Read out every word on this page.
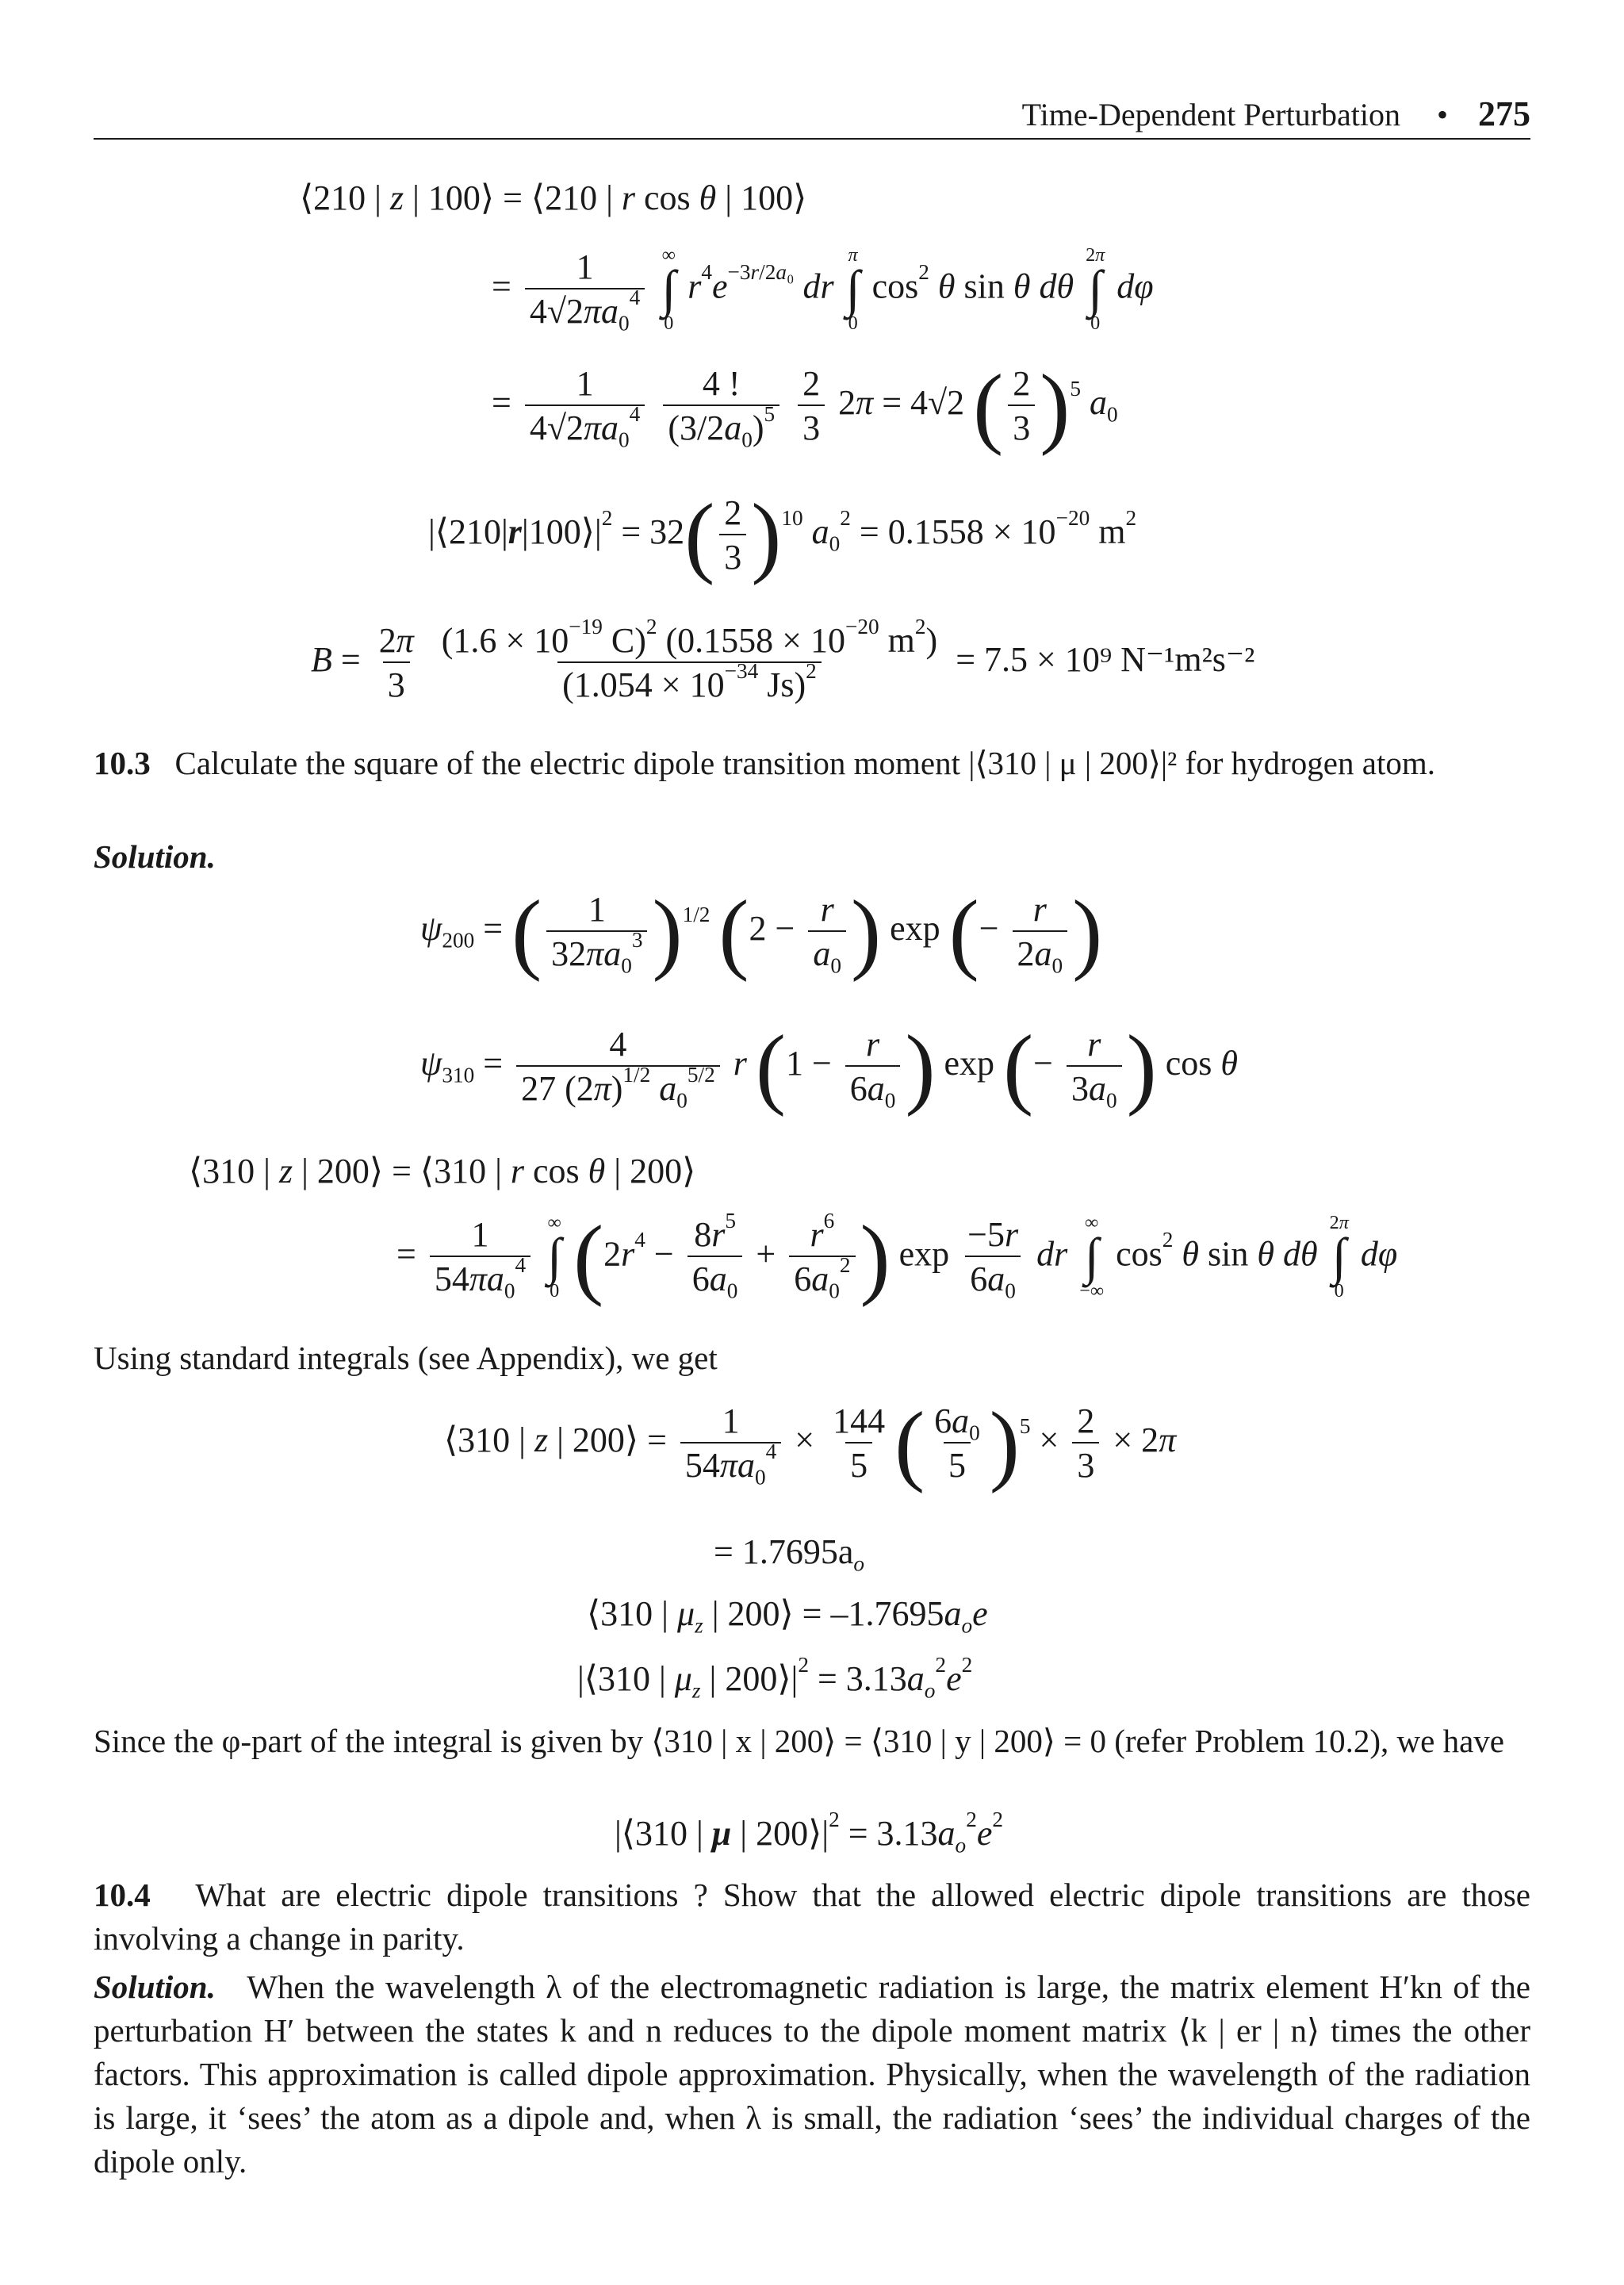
Time-Dependent Perturbation • 275
⟨210 | z | 100⟩ = ⟨210 | r cos θ | 100⟩
= $\frac{1}{4√2\pi a_0^4}$
∞
∫
0
$r^4e^{-3r/2a_0}$ dr
π
∫
0
$\cos^2 \theta$ sin θ dθ
2π
∫
0
dφ
= $\frac{1}{4√2\pi a_0^4}$
$\frac{4 !}{(3/2a_0)^5}$
$\frac{2}{3} 2\pi = 4√2$ ( $\frac{2}{3} )^5$ $a_0$
$|⟨210|r|100⟩|^2 = 32( \frac{2}{3} )^{10}$ $a_0^2 = 0.1558 \times 10^{-20}$ $m^2$
$B = \frac{2\pi}{3}$
$\frac{(1.6 \times 10^{-19} C)^2 (0.1558 \times 10^{-20} m^2)}{(1.054 \times 10^{-34} Js)^2} = 7.5 \times 10^9$ N⁻¹m²s⁻²
10.3 Calculate the square of the electric dipole transition moment |⟨310 | μ | 200⟩|² for hydrogen atom.
Solution.
$\psi_{200}$ = ( $\frac{1}{32\pi a_0^3} )^{1/2}$ ($2 - \frac{r}{a_0}$ ) exp (− $\frac{r}{2a_0}$ )
$\psi_{310} = \frac{4}{27 (2\pi)^{1/2} a_0^{5/2}}$ r ($1 - \frac{r}{6a_0}$ ) exp (− $\frac{r}{3a_0}$ ) cos θ
⟨310 | z | 200⟩ = ⟨310 | r cos θ | 200⟩
= $\frac{1}{54\pi a_0^4}$
∞
∫
0 ($2r^4 - \frac{8r^5}{6a_0} + \frac{r^6}{6a_0^2}$ ) $\exp \frac{-5r}{6a_0}$ dr
∞
∫
−∞
$\cos^2 \theta$ sin θ dθ
2π
∫
0
dφ
Using standard integrals (see Appendix), we get
⟨310 | z | 200⟩ = $\frac{1}{54\pi a_0^4} \times \frac{144}{5}$ ( $\frac{6a_0}{5} )^5 \times \frac{2}{3} \times 2\pi$
= $1.7695a_o$
⟨310 | $\mu_z$ | 200⟩ = $-1.7695a_oe$
|⟨310 | $\mu_z$ | $200⟩|^2 = 3.13a_o^2e^2$
Since the φ-part of the integral is given by ⟨310 | x | 200⟩ = ⟨310 | y | 200⟩ = 0 (refer Problem 10.2), we have
|⟨310 | μ | $200⟩|^2 = 3.13a_o^2e^2$
10.4 What are electric dipole transitions ? Show that the allowed electric dipole transitions are those involving a change in parity.
Solution. When the wavelength λ of the electromagnetic radiation is large, the matrix element H′kn of the perturbation H′ between the states k and n reduces to the dipole moment matrix ⟨k | er | n⟩ times the other factors. This approximation is called dipole approximation. Physically, when the wavelength of the radiation is large, it ‘sees’ the atom as a dipole and, when λ is small, the radiation ‘sees’ the individual charges of the dipole only.
